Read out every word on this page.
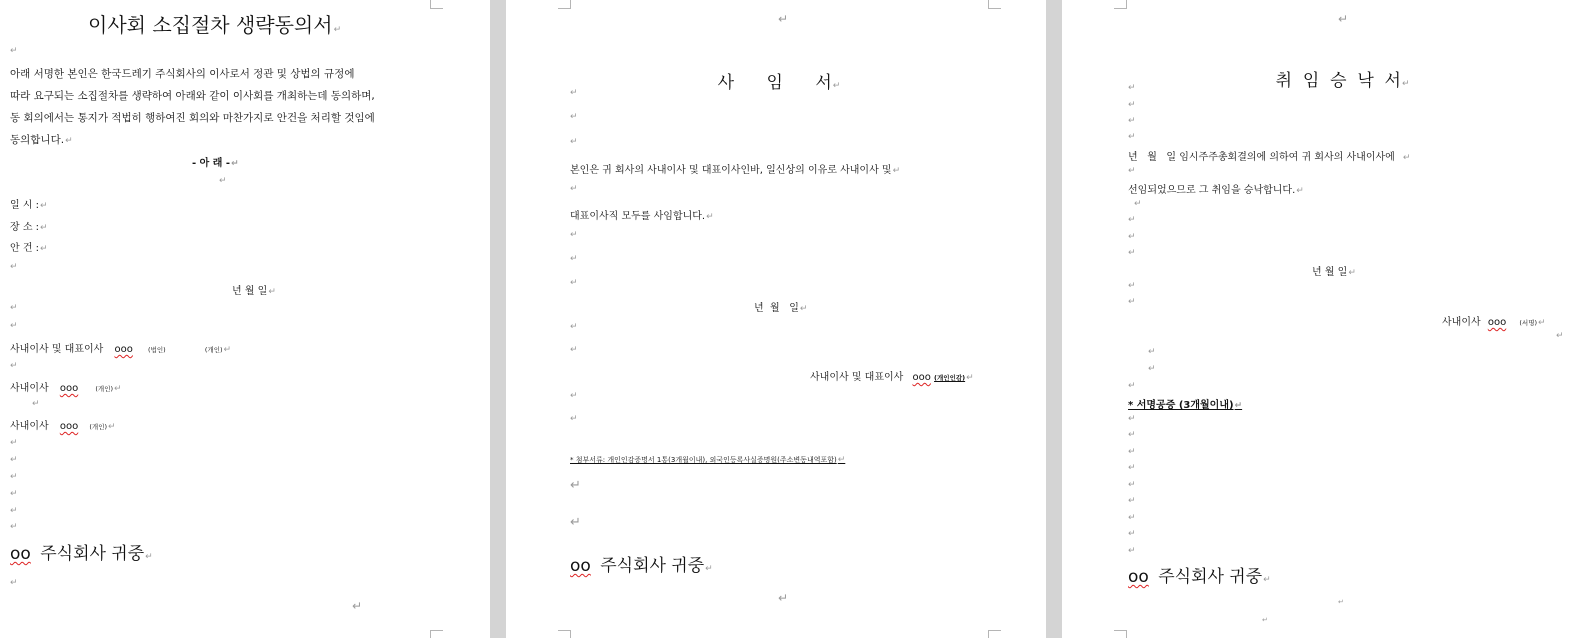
이사회 소집절차 생략동의서↵
↵
아래 서명한 본인은 한국드레기 주식회사의 이사로서 정관 및 상법의 규정에
따라 요구되는 소집절차를 생략하여 아래와 같이 이사회를 개최하는데 동의하며,
동 회의에서는 통지가 적법히 행하여진 회의와 마찬가지로 안건을 처리할 것임에
동의합니다.↵
- 아 래 -↵
↵
일 시 :↵
장 소 :↵
안 건 :↵
↵
년 월 일↵
↵
↵
사내이사 및 대표이사 ooo (법인)	(개인)↵
↵
사내이사 ooo	(개인)↵
↵
사내이사 ooo (개인)↵
↵
↵
↵
↵
↵
↵
oo 주식회사 귀중↵
↵
↵
↵

사      임      서↵

↵
↵
↵
본인은 귀 회사의 사내이사 및 대표이사인바, 일신상의 이유로 사내이사 및↵
↵
대표이사직 모두를 사임합니다.↵
↵
↵
↵
년  월   일↵
↵
↵
사내이사 및 대표이사 ooo (개인인감)↵
↵
↵
* 첨부서류: 개인인감증명서 1통(3개월이내), 외국인등록사실증명원(주소변동내역포함)↵
↵
↵
oo 주식회사 귀중↵
↵
↵

취  임  승  낙  서↵

↵
↵
↵
↵
년   월   일 임시주주총회결의에 의하여 귀 회사의 사내이사에 ↵
↵
선임되었으므로 그 취임을 승낙합니다.↵
↵
↵
↵
↵
년 월 일↵
↵
↵
사내이사 ooo (서명)↵
↵
↵
↵
↵
* 서명공증 (3개월이내)↵
↵
↵
↵
↵
↵
↵
↵
↵
↵
oo 주식회사 귀중↵
↵
↵
